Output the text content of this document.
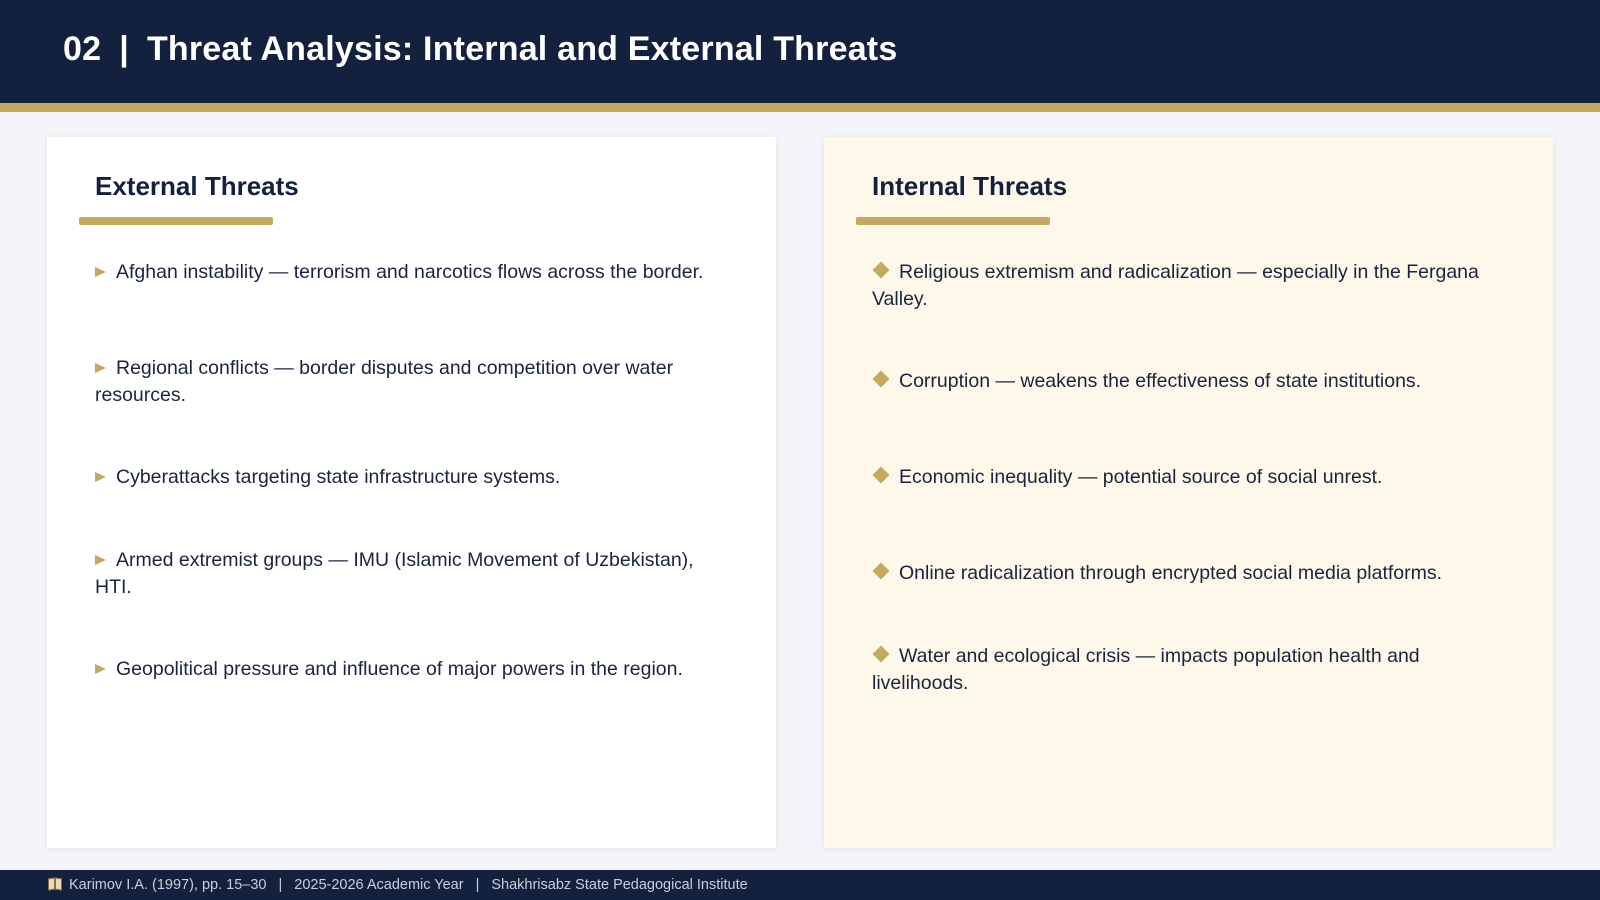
02 | Threat Analysis: Internal and External Threats
External Threats
Afghan instability — terrorism and narcotics flows across the border.
Regional conflicts — border disputes and competition over water resources.
Cyberattacks targeting state infrastructure systems.
Armed extremist groups — IMU (Islamic Movement of Uzbekistan), HTI.
Geopolitical pressure and influence of major powers in the region.
Internal Threats
Religious extremism and radicalization — especially in the Fergana Valley.
Corruption — weakens the effectiveness of state institutions.
Economic inequality — potential source of social unrest.
Online radicalization through encrypted social media platforms.
Water and ecological crisis — impacts population health and livelihoods.
Karimov I.A. (1997), pp. 15–30 | 2025-2026 Academic Year | Shakhrisabz State Pedagogical Institute
